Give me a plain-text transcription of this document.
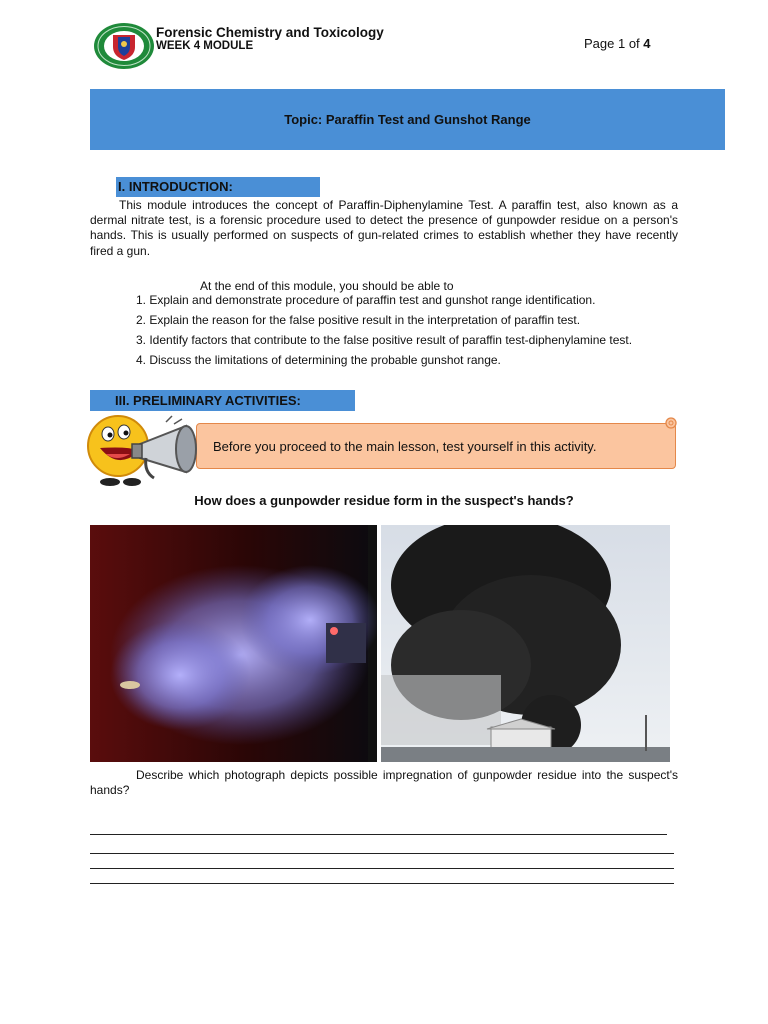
Forensic Chemistry and Toxicology
WEEK 4 MODULE	Page 1 of 4
Topic: Paraffin Test and Gunshot Range
I. INTRODUCTION:

This module introduces the concept of Paraffin-Diphenylamine Test. A paraffin test, also known as a dermal nitrate test, is a forensic procedure used to detect the presence of gunpowder residue on a person's hands. This is usually performed on suspects of gun-related crimes to establish whether they have recently fired a gun.

At the end of this module, you should be able to
1. Explain and demonstrate procedure of paraffin test and gunshot range identification.
2. Explain the reason for the false positive result in the interpretation of paraffin test.
3. Identify factors that contribute to the false positive result of paraffin test-diphenylamine test.
4. Discuss the limitations of determining the probable gunshot range.
III. PRELIMINARY ACTIVITIES:
Before you proceed to the main lesson, test yourself in this activity.
How does a gunpowder residue form in the suspect's hands?

Describe which photograph depicts possible impregnation of gunpowder residue into the suspect's hands?
